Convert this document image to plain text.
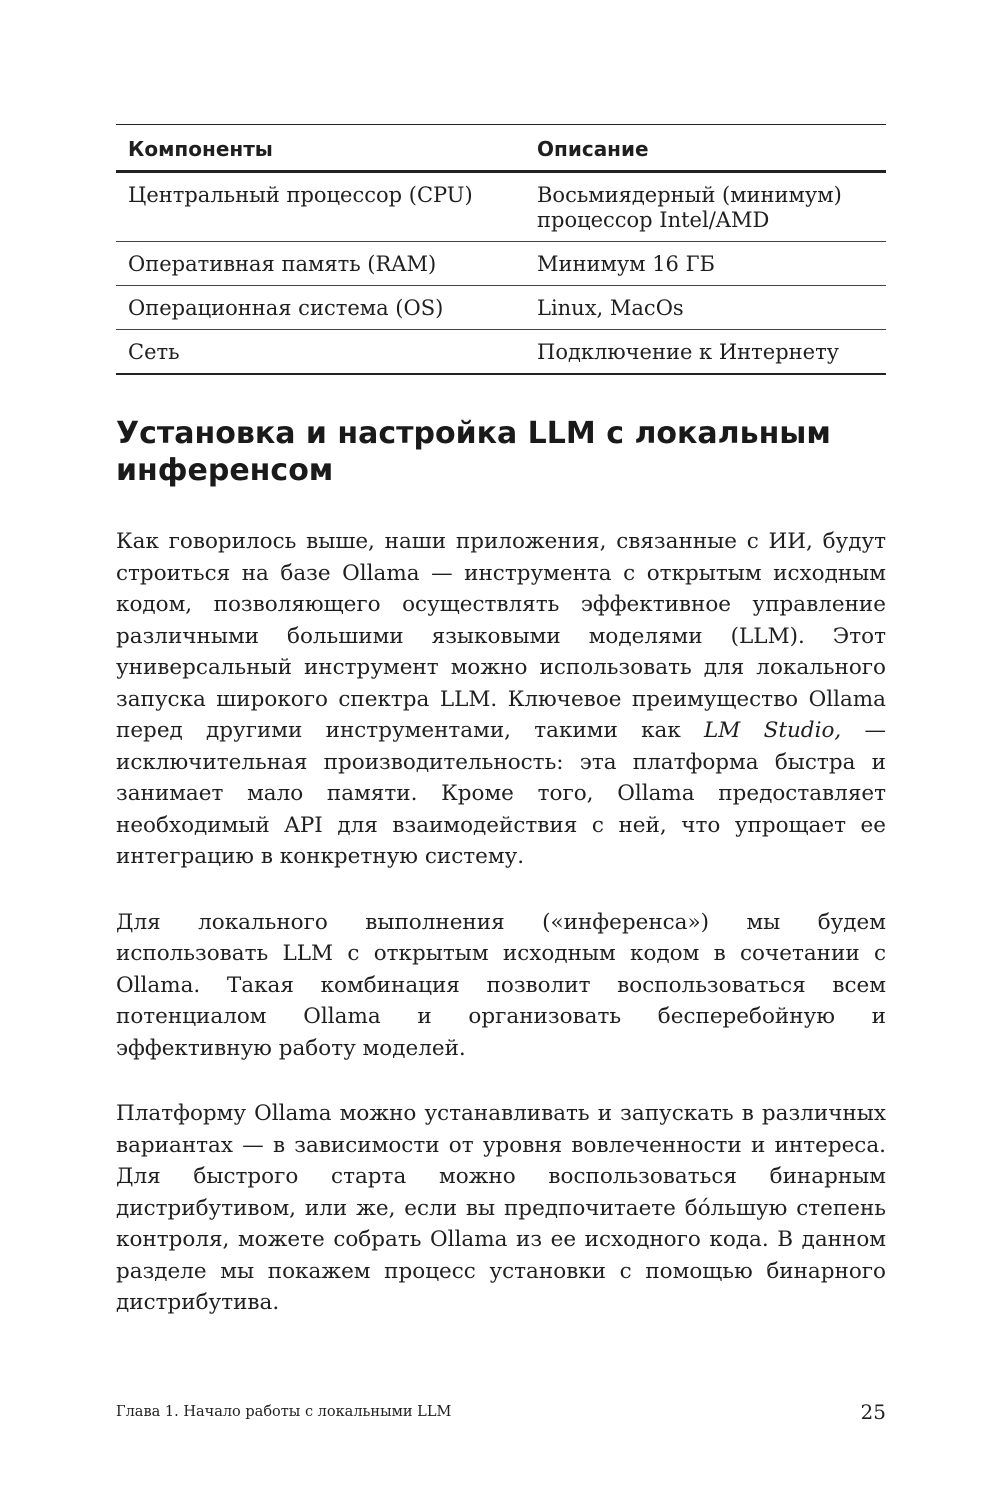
Компоненты	Описание
Центральный процессор (CPU)	Восьмиядерный (минимум) процессор Intel/AMD
Оперативная память (RAM)	Минимум 16 ГБ
Операционная система (OS)	Linux, MacOs
Сеть	Подключение к Интернету
Установка и настройка LLM с локальным инференсом

Как говорилось выше, наши приложения, связанные с ИИ, будут строиться на базе Ollama — инструмента с открытым исходным кодом, позволяющего осуществлять эффективное управление различными большими языковыми моделями (LLM). Этот универсальный инструмент можно использовать для локального запуска широкого спектра LLM. Ключевое преимущество Ollama перед другими инструментами, такими как LM Studio, — исключительная производительность: эта платформа быстра и занимает мало памяти. Кроме того, Ollama предоставляет необходимый API для взаимодействия с ней, что упрощает ее интеграцию в конкретную систему.

Для локального выполнения («инференса») мы будем использовать LLM с открытым исходным кодом в сочетании с Ollama. Такая комбинация позволит воспользоваться всем потенциалом Ollama и организовать бесперебойную и эффективную работу моделей.

Платформу Ollama можно устанавливать и запускать в различных вариантах — в зависимости от уровня вовлеченности и интереса. Для быстрого старта можно воспользоваться бинарным дистрибутивом, или же, если вы предпочитаете бóльшую степень контроля, можете собрать Ollama из ее исходного кода. В данном разделе мы покажем процесс установки с помощью бинарного дистрибутива.

Глава 1. Начало работы с локальными LLM	25
